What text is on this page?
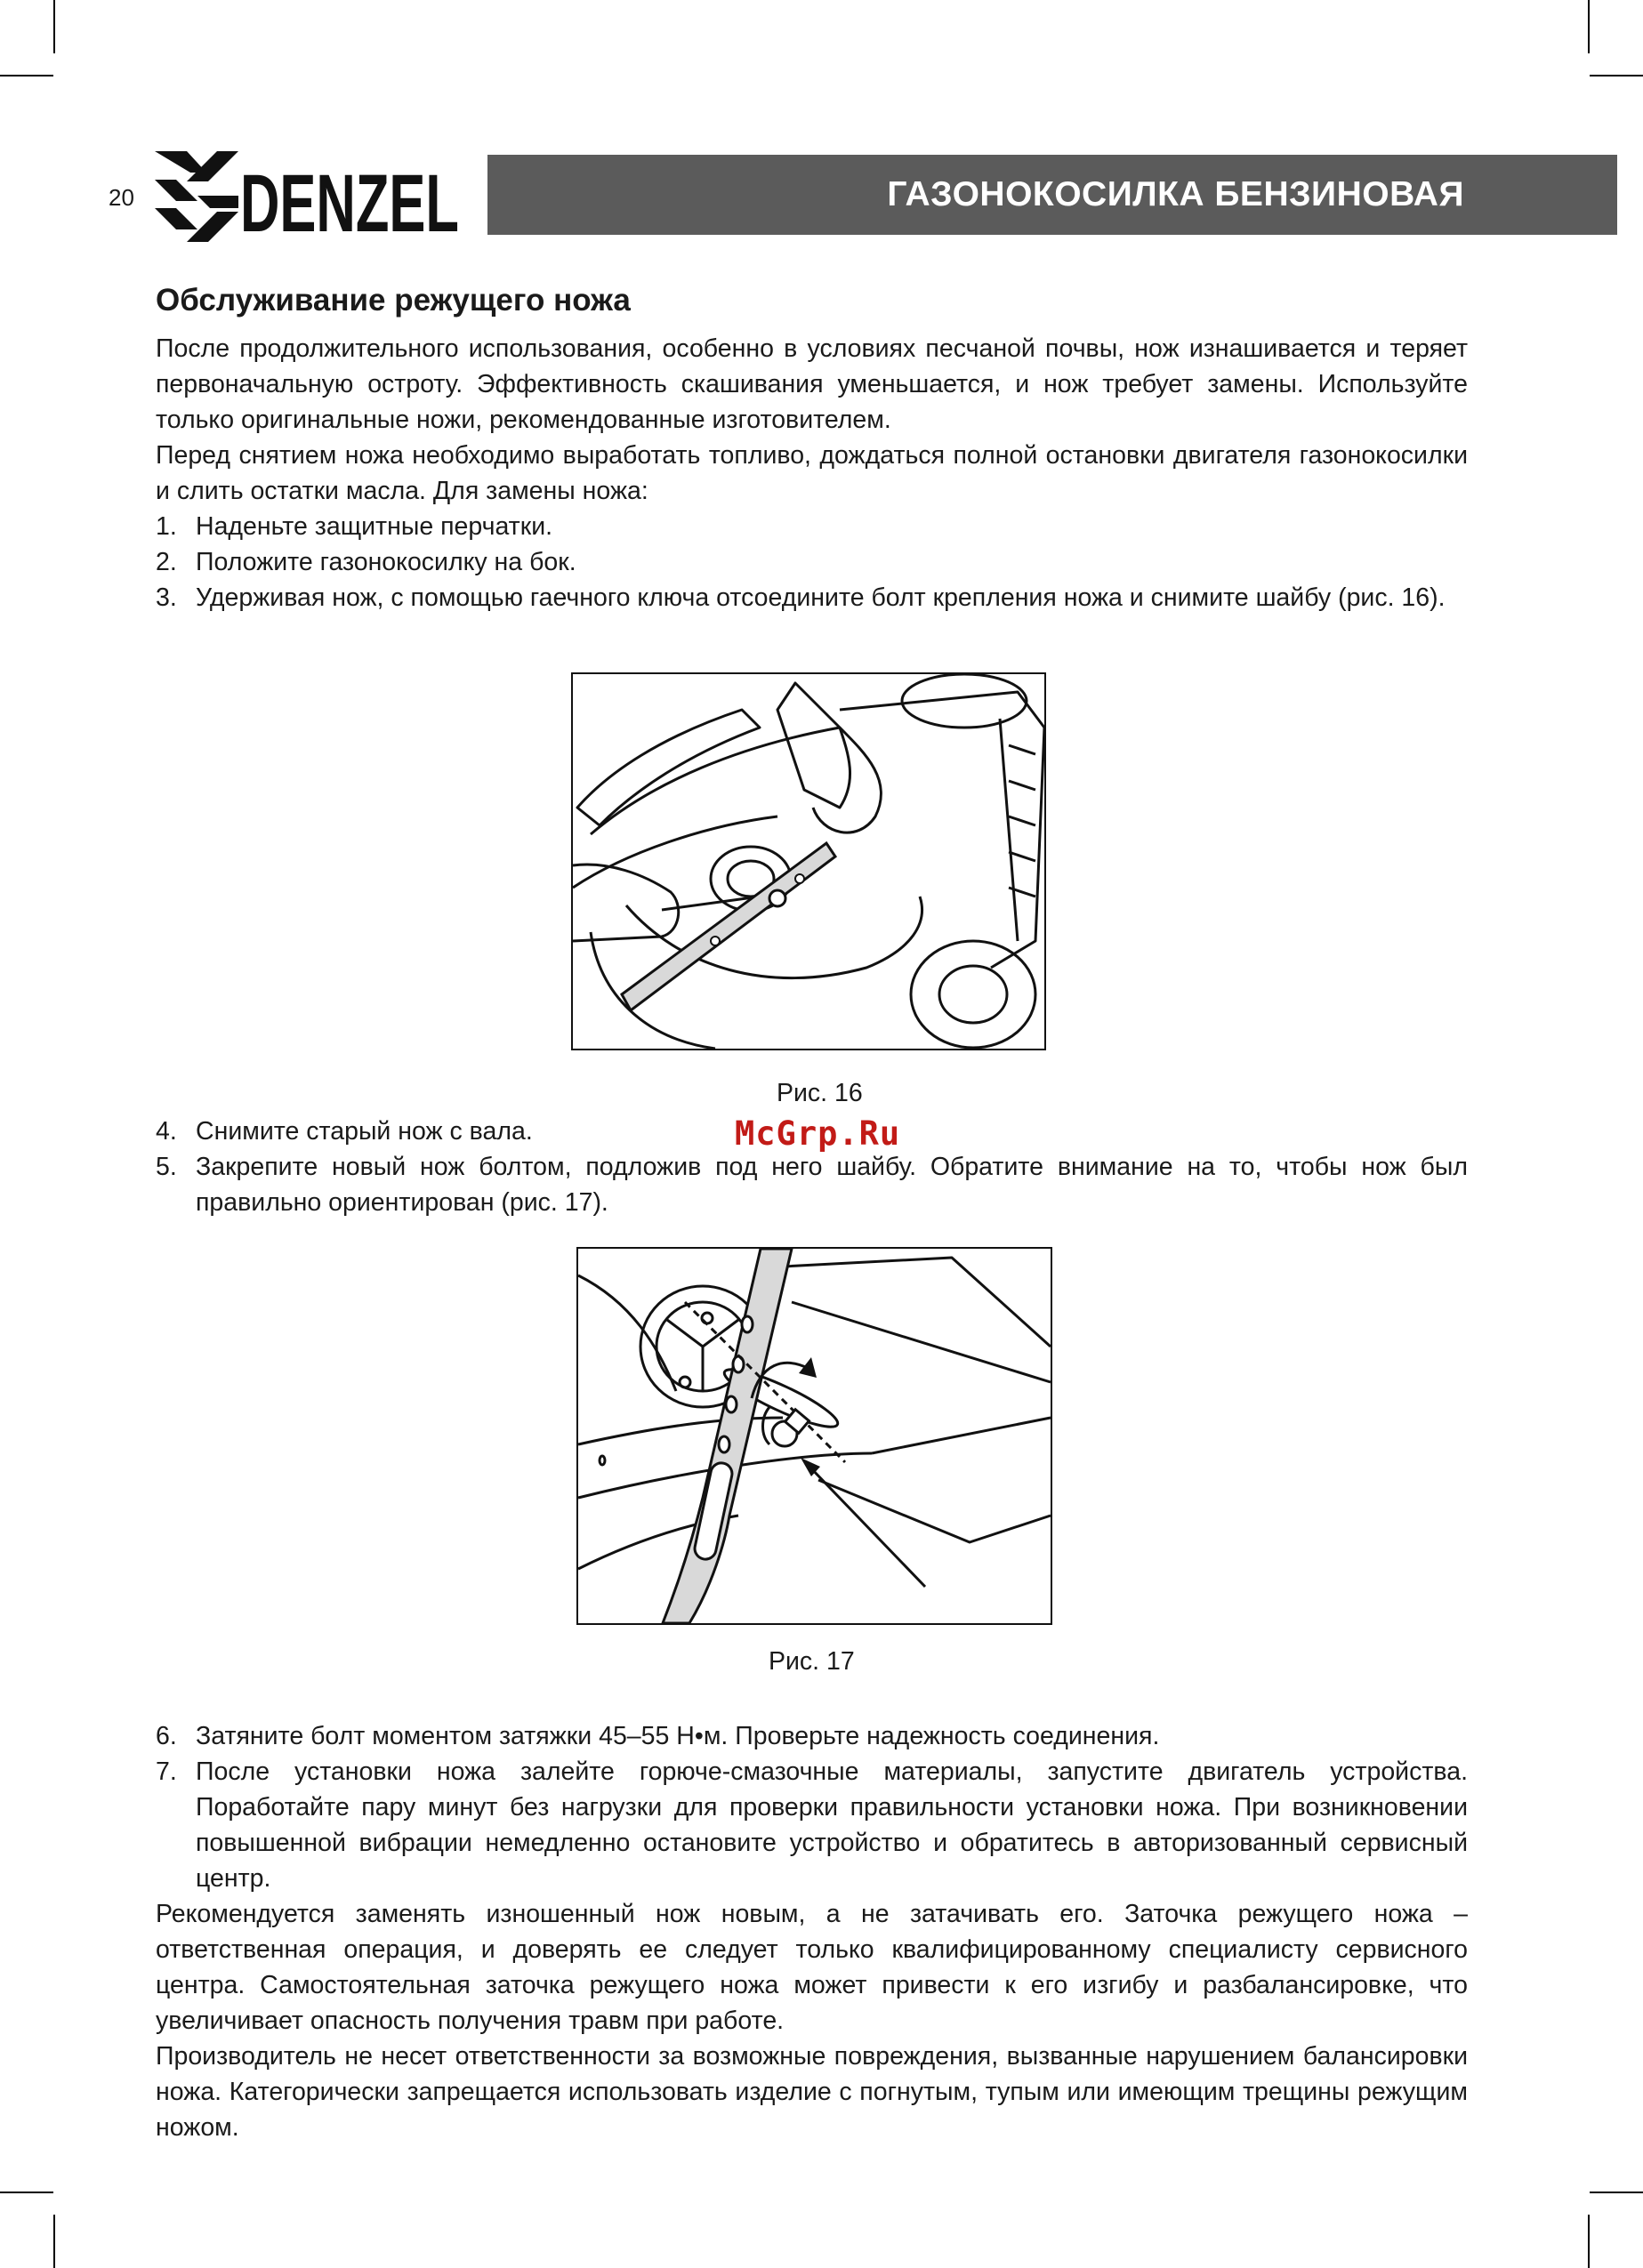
20 DENZEL	ГАЗОНОКОСИЛКА БЕНЗИНОВАЯ
Обслуживание режущего ножа

После продолжительного использования, особенно в условиях песчаной почвы, нож изнашивается и теряет первоначальную остроту. Эффективность скашивания уменьшается, и нож требует замены. Используйте только оригинальные ножи, рекомендованные изготовителем.

Перед снятием ножа необходимо выработать топливо, дождаться полной остановки двигателя газонокосилки и слить остатки масла. Для замены ножа:

1. Наденьте защитные перчатки.
2. Положите газонокосилку на бок.
3. Удерживая нож, с помощью гаечного ключа отсоедините болт крепления ножа и снимите шайбу (рис. 16).
Рис. 16
4. Снимите старый нож с вала.
5. Закрепите новый нож болтом, подложив под него шайбу. Обратите внимание на то, чтобы нож был правильно ориентирован (рис. 17).
McGrp.Ru
Рис. 17
6. Затяните болт моментом затяжки 45–55 Н•м. Проверьте надежность соединения.
7. После установки ножа залейте горюче-смазочные материалы, запустите двигатель устройства. Поработайте пару минут без нагрузки для проверки правильности установки ножа. При возникновении повышенной вибрации немедленно остановите устройство и обратитесь в авторизованный сервисный центр.

Рекомендуется заменять изношенный нож новым, а не затачивать его. Заточка режущего ножа – ответственная операция, и доверять ее следует только квалифицированному специалисту сервисного центра. Самостоятельная заточка режущего ножа может привести к его изгибу и разбалансировке, что увеличивает опасность получения травм при работе.

Производитель не несет ответственности за возможные повреждения, вызванные нарушением балансировки ножа. Категорически запрещается использовать изделие с погнутым, тупым или имеющим трещины режущим ножом.
